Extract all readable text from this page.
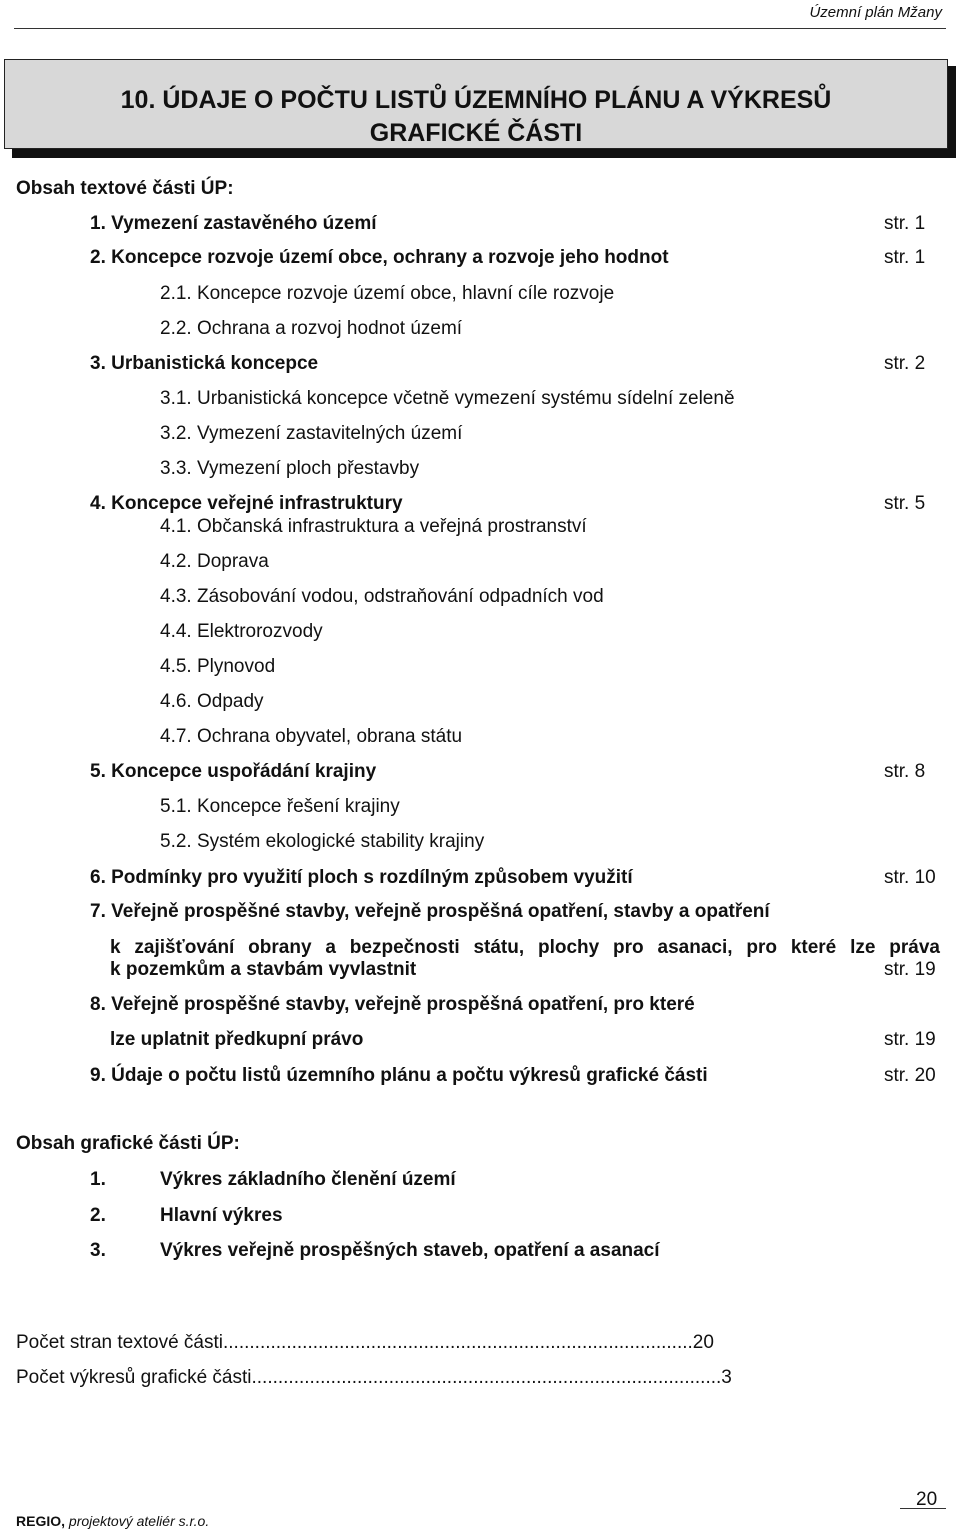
Územní plán Mžany
10. ÚDAJE O POČTU LISTŮ ÚZEMNÍHO PLÁNU A VÝKRESŮ
GRAFICKÉ ČÁSTI
Obsah textové části ÚP:
1. Vymezení zastavěného území	str. 1
2. Koncepce rozvoje území obce, ochrany a rozvoje jeho hodnot	str. 1
2.1. Koncepce rozvoje území obce, hlavní cíle rozvoje
2.2. Ochrana a rozvoj hodnot území
3. Urbanistická koncepce	str. 2
3.1. Urbanistická koncepce včetně vymezení systému sídelní zeleně
3.2. Vymezení zastavitelných území
3.3. Vymezení ploch přestavby
4. Koncepce veřejné infrastruktury	str. 5
4.1. Občanská infrastruktura a veřejná prostranství
4.2. Doprava
4.3. Zásobování vodou, odstraňování odpadních vod
4.4. Elektrorozvody
4.5. Plynovod
4.6. Odpady
4.7. Ochrana obyvatel, obrana státu
5. Koncepce uspořádání krajiny	str. 8
5.1. Koncepce řešení krajiny
5.2. Systém ekologické stability krajiny
6. Podmínky pro využití ploch s rozdílným způsobem využití	str. 10
7. Veřejně prospěšné stavby, veřejně prospěšná opatření, stavby a opatření
k zajišťování obrany a bezpečnosti státu, plochy pro asanaci, pro které lze práva
k pozemkům a stavbám vyvlastnit	str. 19
8. Veřejně prospěšné stavby, veřejně prospěšná opatření, pro které
lze uplatnit předkupní právo	str. 19
9. Údaje o počtu listů územního plánu a počtu výkresů grafické části	str. 20
Obsah grafické části ÚP:
1.	Výkres základního členění území
2.	Hlavní výkres
3.	Výkres veřejně prospěšných staveb, opatření a asanací
Počet stran textové části.........................................................................................20
Počet výkresů grafické části.........................................................................................3
20
REGIO, projektový ateliér s.r.o.
